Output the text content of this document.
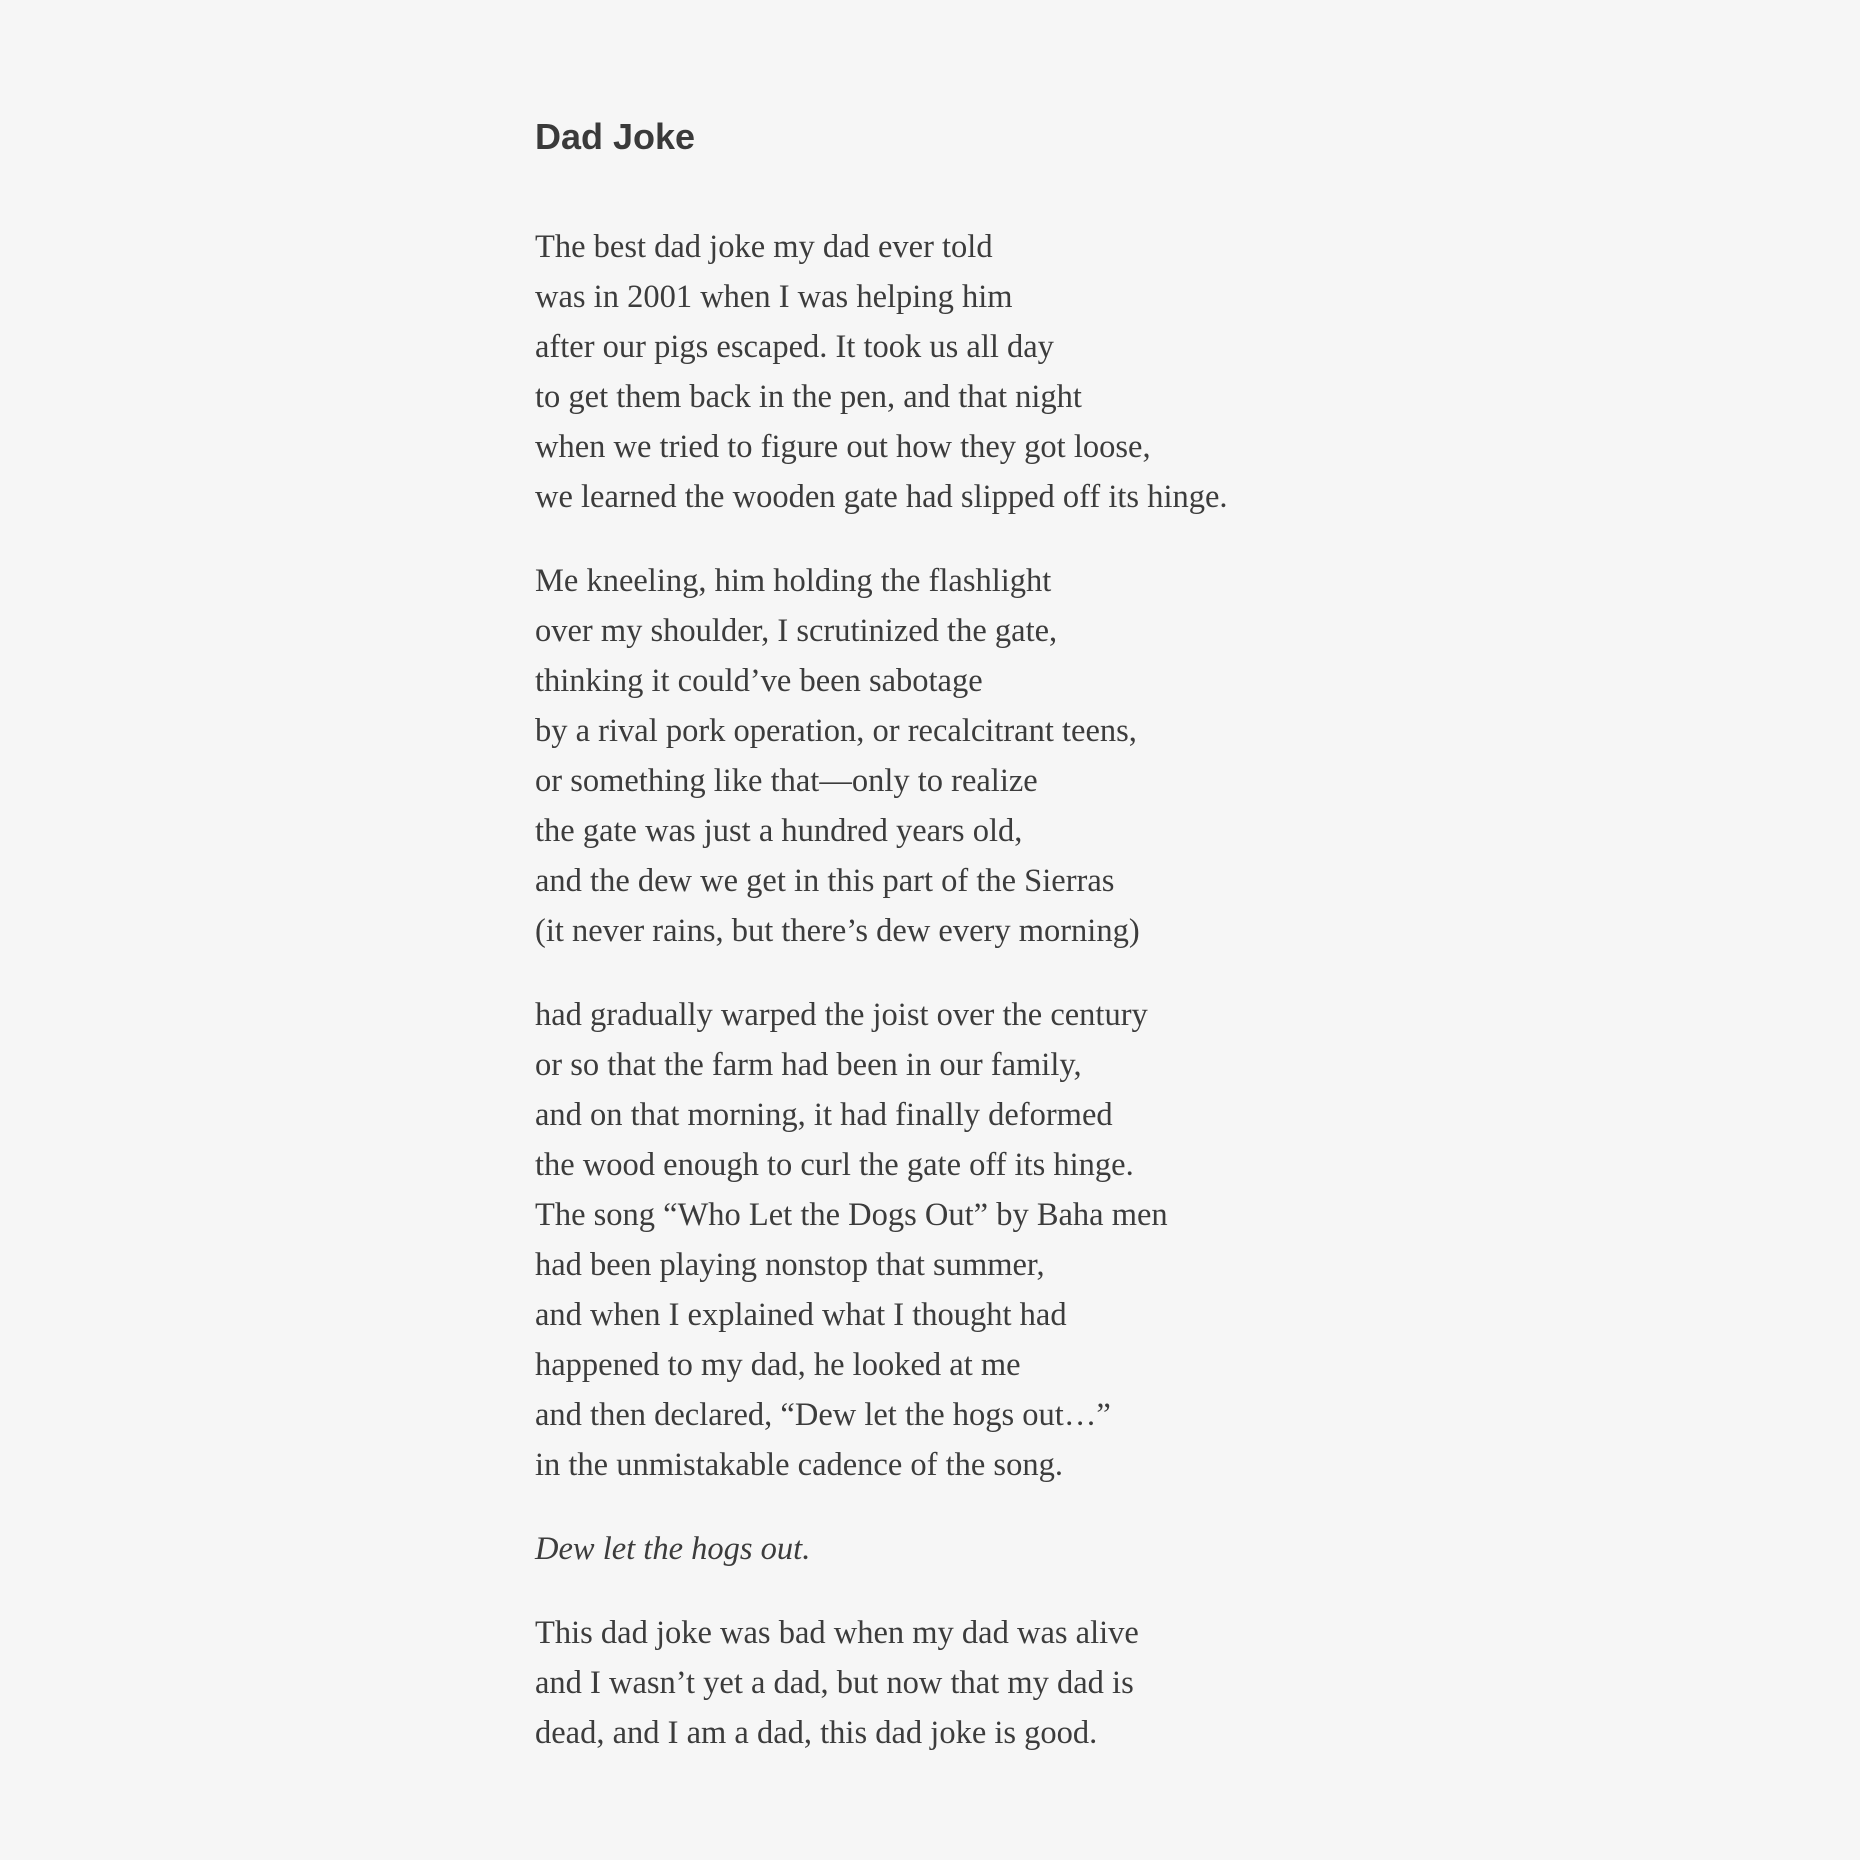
Dad Joke

The best dad joke my dad ever told
was in 2001 when I was helping him
after our pigs escaped. It took us all day
to get them back in the pen, and that night
when we tried to figure out how they got loose,
we learned the wooden gate had slipped off its hinge.

Me kneeling, him holding the flashlight
over my shoulder, I scrutinized the gate,
thinking it could’ve been sabotage
by a rival pork operation, or recalcitrant teens,
or something like that—only to realize
the gate was just a hundred years old,
and the dew we get in this part of the Sierras
(it never rains, but there’s dew every morning)

had gradually warped the joist over the century
or so that the farm had been in our family,
and on that morning, it had finally deformed
the wood enough to curl the gate off its hinge.
The song “Who Let the Dogs Out” by Baha men
had been playing nonstop that summer,
and when I explained what I thought had
happened to my dad, he looked at me
and then declared, “Dew let the hogs out…”
in the unmistakable cadence of the song.

Dew let the hogs out.

This dad joke was bad when my dad was alive
and I wasn’t yet a dad, but now that my dad is
dead, and I am a dad, this dad joke is good.
